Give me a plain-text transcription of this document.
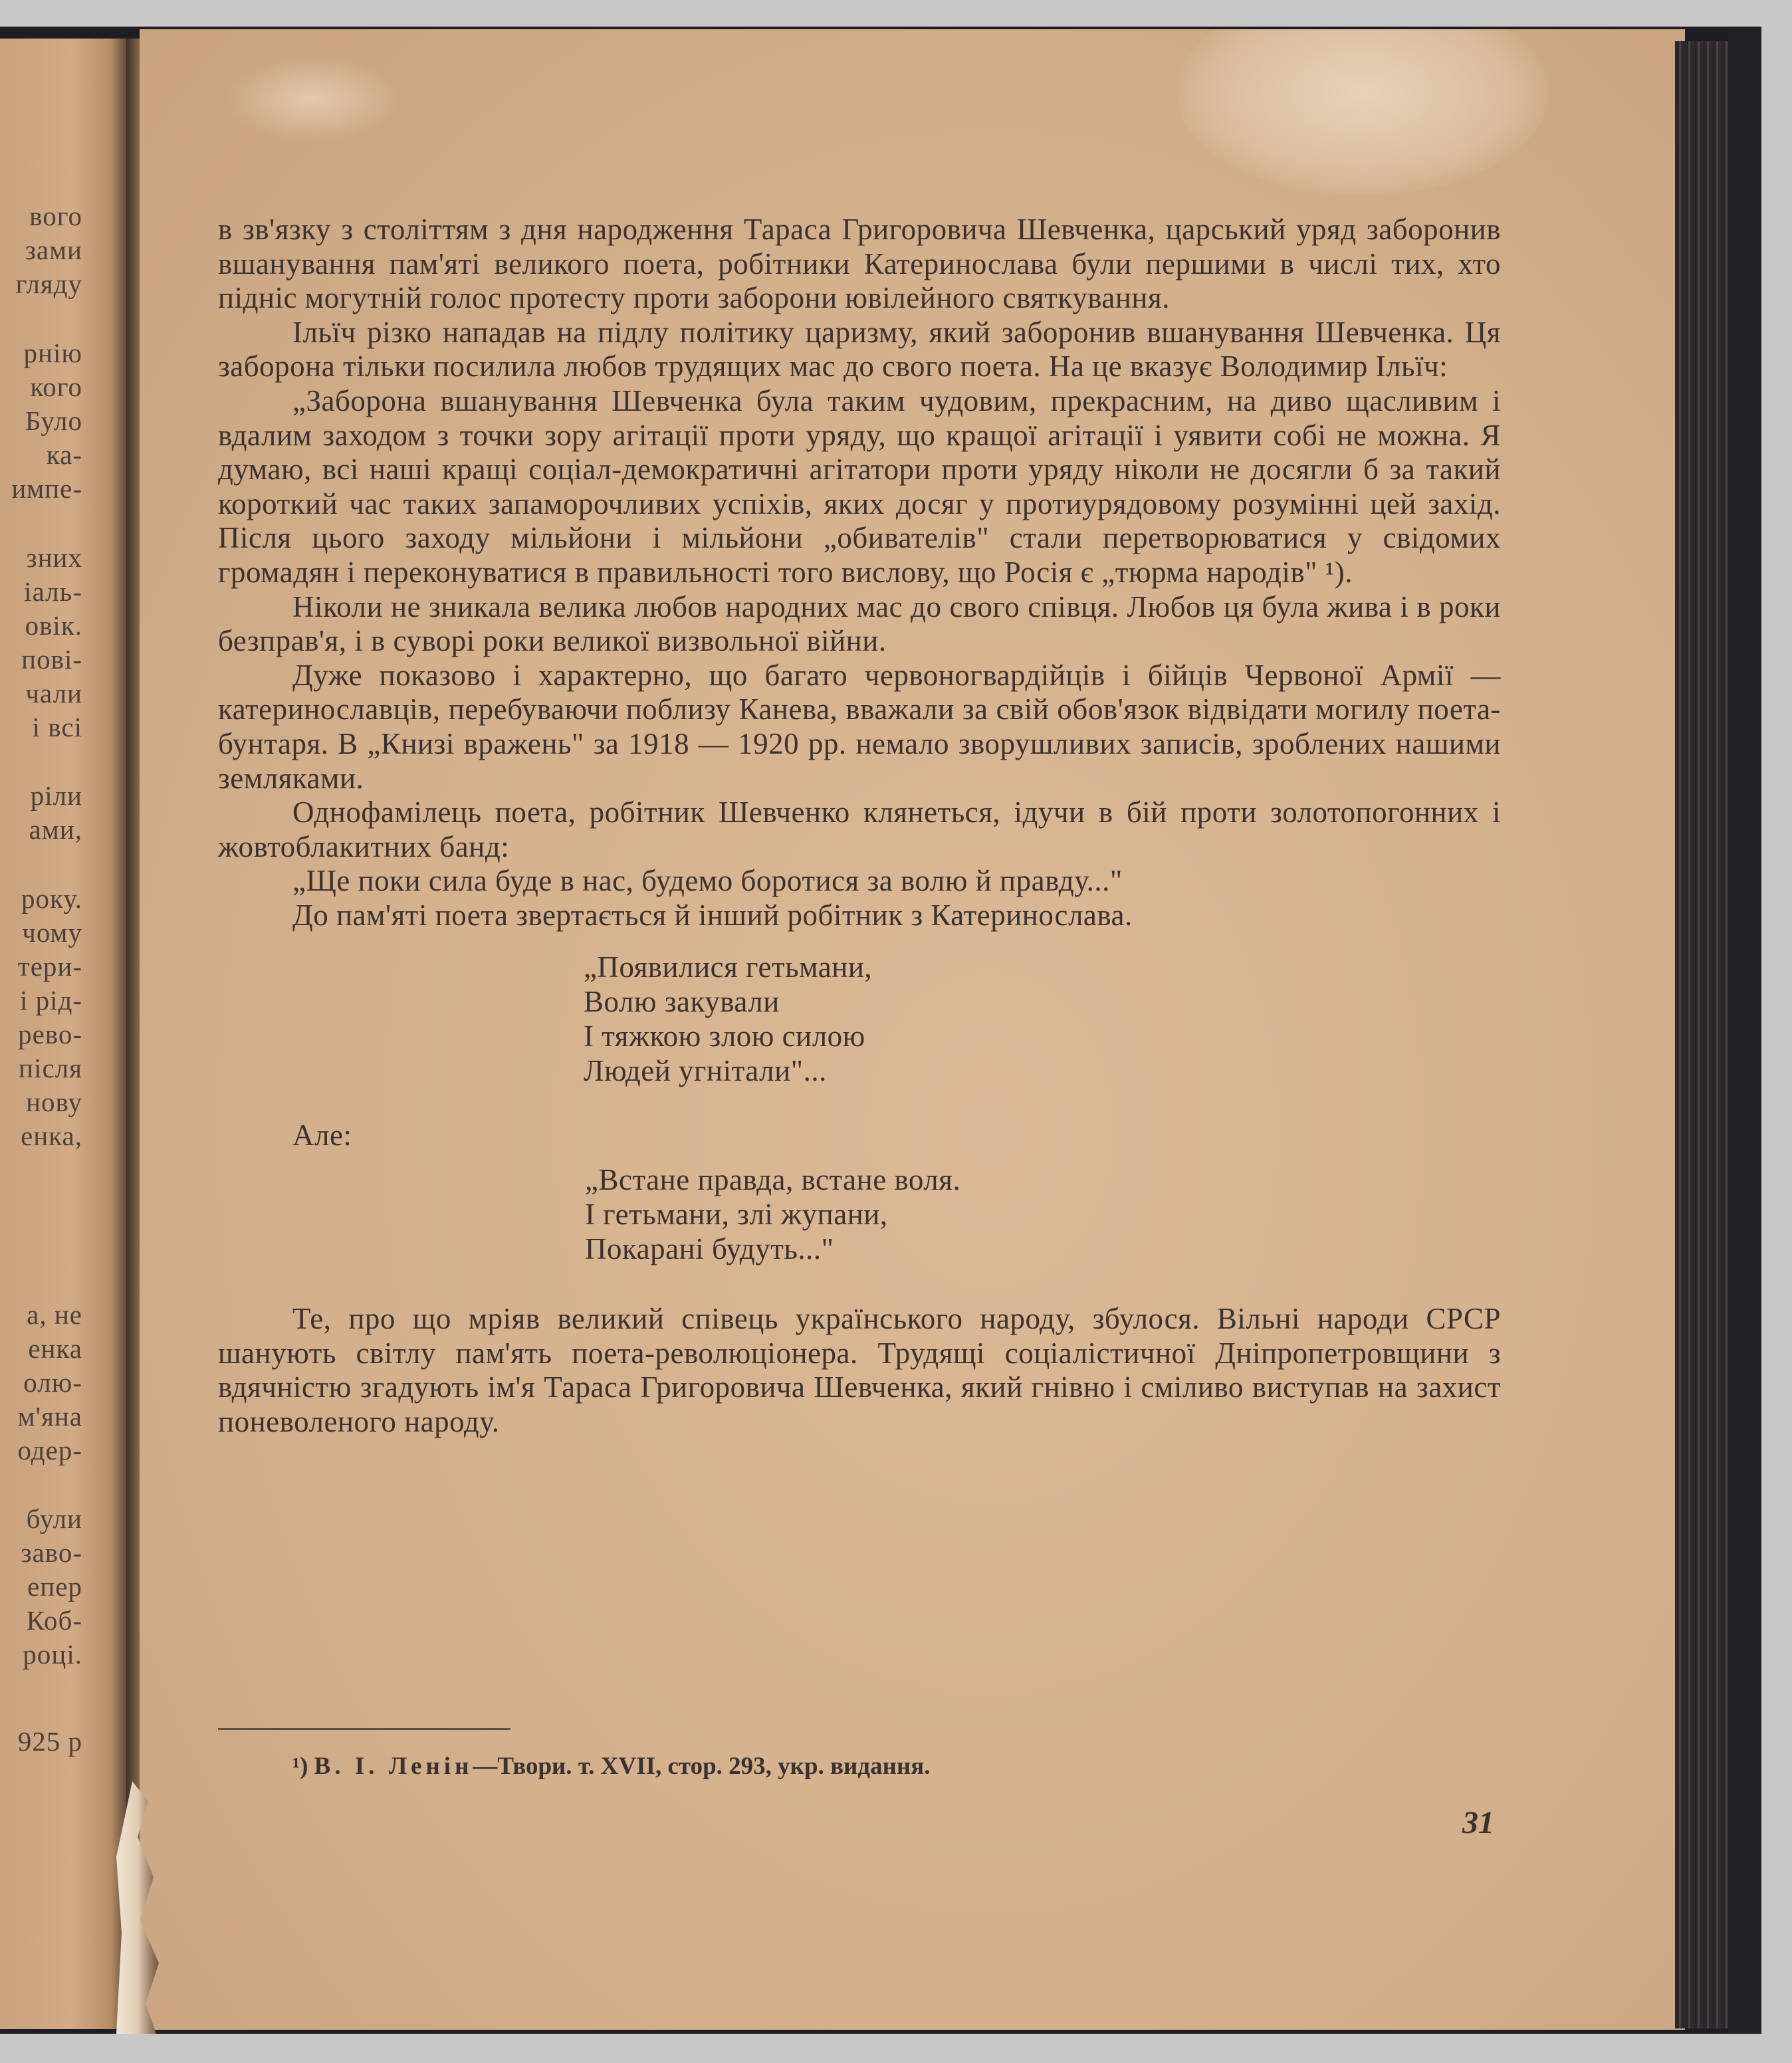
вого
зами
гляду
рнію
кого
Було
ка-
импе-
зних
іаль-
овік.
пові-
чали
і всі
ріли
ами,
року.
чому
тери-
і рід-
рево-
після
нову
енка,
а, не
енка
олю-
м'яна
одер-
були
заво-
епер
Коб-
році.
925 р

в зв'язку з століттям з дня народження Тараса Григоровича Шевченка, царський уряд заборонив вшанування пам'яті великого поета, робітники Катеринослава були першими в числі тих, хто підніс могутній голос протесту проти заборони ювілейного святкування.

Ільїч різко нападав на підлу політику царизму, який заборонив вшанування Шевченка. Ця заборона тільки посилила любов трудящих мас до свого поета. На це вказує Володимир Ільїч:

„Заборона вшанування Шевченка була таким чудовим, прекрасним, на диво щасливим і вдалим заходом з точки зору агітації проти уряду, що кращої агітації і уявити собі не можна. Я думаю, всі наші кращі соціал-демократичні агітатори проти уряду ніколи не досягли б за такий короткий час таких запаморочливих успіхів, яких досяг у протиурядовому розумінні цей захід. Після цього заходу мільйони і мільйони „обивателів" стали перетворюватися у свідомих громадян і переконуватися в правильності того вислову, що Росія є „тюрма народів" ¹).

Ніколи не зникала велика любов народних мас до свого співця. Любов ця була жива і в роки безправ'я, і в суворі роки великої визвольної війни.

Дуже показово і характерно, що багато червоногвардійців і бійців Червоної Армії — катеринославців, перебуваючи поблизу Канева, вважали за свій обов'язок відвідати могилу поета-бунтаря. В „Книзі вражень" за 1918 — 1920 рр. немало зворушливих записів, зроблених нашими земляками.

Однофамілець поета, робітник Шевченко клянеться, ідучи в бій проти золотопогонних і жовтоблакитних банд:

„Ще поки сила буде в нас, будемо боротися за волю й правду..."

До пам'яті поета звертається й інший робітник з Катеринослава.

„Появилися гетьмани,
Волю закували
І тяжкою злою силою
Людей угнітали"...
Але:
„Встане правда, встане воля.
І гетьмани, злі жупани,
Покарані будуть..."

Те, про що мріяв великий співець українського народу, збулося. Вільні народи СРСР шанують світлу пам'ять поета-революціонера. Трудящі соціалістичної Дніпропетровщини з вдячністю згадують ім'я Тараса Григоровича Шевченка, який гнівно і сміливо виступав на захист поневоленого народу.

¹) В. І. Ленін—Твори. т. XVII, стор. 293, укр. видання.
31
